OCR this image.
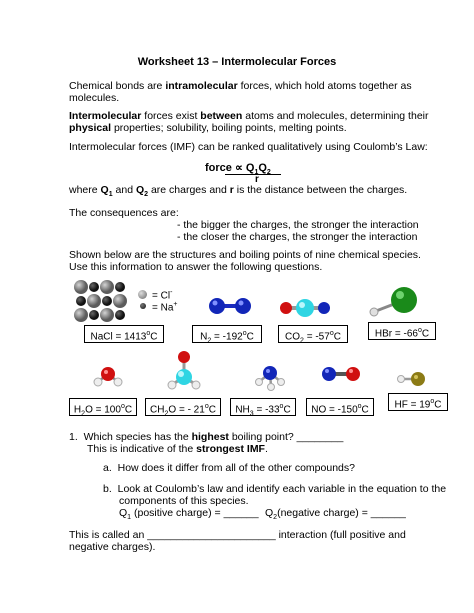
Worksheet 13 – Intermolecular Forces
Chemical bonds are intramolecular forces, which hold atoms together as
molecules.
Intermolecular forces exist between atoms and molecules, determining their
physical properties; solubility, boiling points, melting points.
Intermolecular forces (IMF) can be ranked qualitatively using Coulomb’s Law:
force ∝ $Q_1Q_2$
r
where $Q_1$ and $Q_2$ are charges and r is the distance between the charges.
The consequences are:
- the bigger the charges, the stronger the interaction
- the closer the charges, the stronger the interaction
Shown below are the structures and boiling points of nine chemical species.
Use this information to answer the following questions.
= Cl-
= Na+
NaCl = $1413^oC$	$N_2 = -192^oC$	$CO_2 = -57^oC$	HBr = $-66^oC$
$H_2O = 100^oC$	$CH_2O$ = - 21$^o$C	$NH_3 = -33^oC$	NO = $-150^oC$	HF = $19^oC$
1. Which species has the highest boiling point? ________
This is indicative of the strongest IMF.
a. How does it differ from all of the other compounds?
b. Look at Coulomb’s law and identify each variable in the equation to the
components of this species.
$Q_1$ (positive charge) = ______ $Q_2(negative$ charge) = ______
This is called an ______________________ interaction (full positive and
negative charges).
